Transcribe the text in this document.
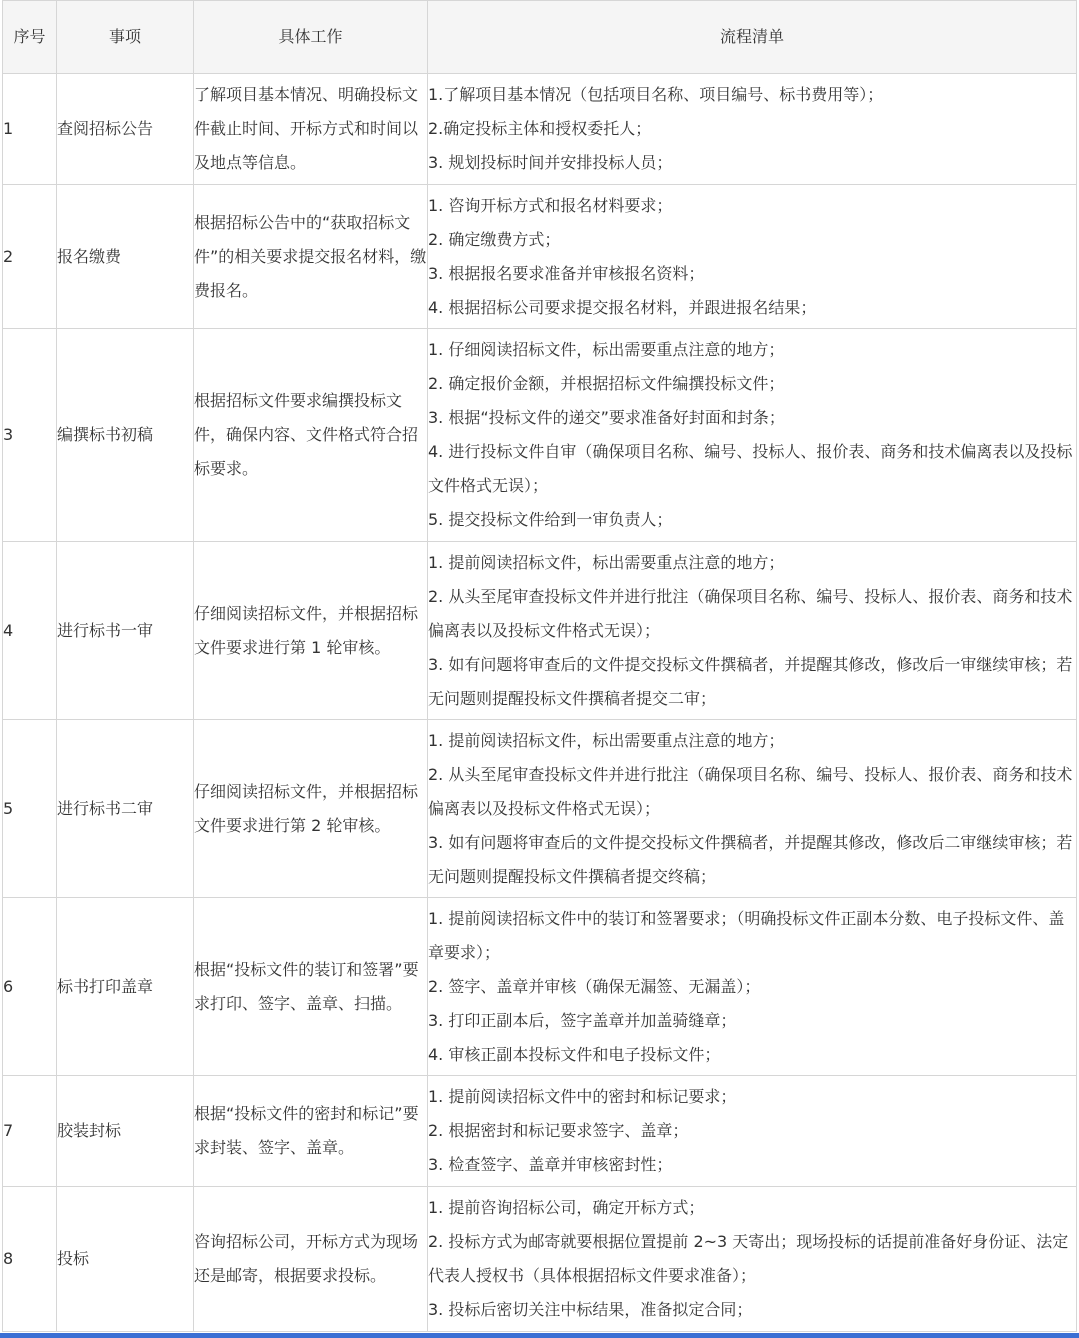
序号	事项	具体工作	流程清单
1	查阅招标公告	了解项目基本情况、明确投标文件截止时间、开标方式和时间以及地点等信息。	1.了解项目基本情况（包括项目名称、项目编号、标书费用等）；
2.确定投标主体和授权委托人；
3. 规划投标时间并安排投标人员；

2	报名缴费	根据招标公告中的“获取招标文件”的相关要求提交报名材料，缴费报名。	1. 咨询开标方式和报名材料要求；
2. 确定缴费方式；
3. 根据报名要求准备并审核报名资料；
4. 根据招标公司要求提交报名材料，并跟进报名结果；

3	编撰标书初稿	根据招标文件要求编撰投标文件，确保内容、文件格式符合招标要求。	1. 仔细阅读招标文件，标出需要重点注意的地方；
2. 确定报价金额，并根据招标文件编撰投标文件；
3. 根据“投标文件的递交”要求准备好封面和封条；
4. 进行投标文件自审（确保项目名称、编号、投标人、报价表、商务和技术偏离表以及投标文件格式无误）；
5. 提交投标文件给到一审负责人；

4	进行标书一审	仔细阅读招标文件，并根据招标文件要求进行第 1 轮审核。	1. 提前阅读招标文件，标出需要重点注意的地方；
2. 从头至尾审查投标文件并进行批注（确保项目名称、编号、投标人、报价表、商务和技术偏离表以及投标文件格式无误）；
3. 如有问题将审查后的文件提交投标文件撰稿者，并提醒其修改，修改后一审继续审核；若无问题则提醒投标文件撰稿者提交二审；

5	进行标书二审	仔细阅读招标文件，并根据招标文件要求进行第 2 轮审核。	1. 提前阅读招标文件，标出需要重点注意的地方；
2. 从头至尾审查投标文件并进行批注（确保项目名称、编号、投标人、报价表、商务和技术偏离表以及投标文件格式无误）；
3. 如有问题将审查后的文件提交投标文件撰稿者，并提醒其修改，修改后二审继续审核；若无问题则提醒投标文件撰稿者提交终稿；

6	标书打印盖章	根据“投标文件的装订和签署”要求打印、签字、盖章、扫描。	1. 提前阅读招标文件中的装订和签署要求；（明确投标文件正副本分数、电子投标文件、盖章要求）；
2. 签字、盖章并审核（确保无漏签、无漏盖）；
3. 打印正副本后，签字盖章并加盖骑缝章；
4. 审核正副本投标文件和电子投标文件；

7	胶装封标	根据“投标文件的密封和标记”要求封装、签字、盖章。	1. 提前阅读招标文件中的密封和标记要求；
2. 根据密封和标记要求签字、盖章；
3. 检查签字、盖章并审核密封性；

8	投标	咨询招标公司，开标方式为现场还是邮寄，根据要求投标。	1. 提前咨询招标公司，确定开标方式；
2. 投标方式为邮寄就要根据位置提前 2~3 天寄出；现场投标的话提前准备好身份证、法定代表人授权书（具体根据招标文件要求准备）；
3. 投标后密切关注中标结果，准备拟定合同；
